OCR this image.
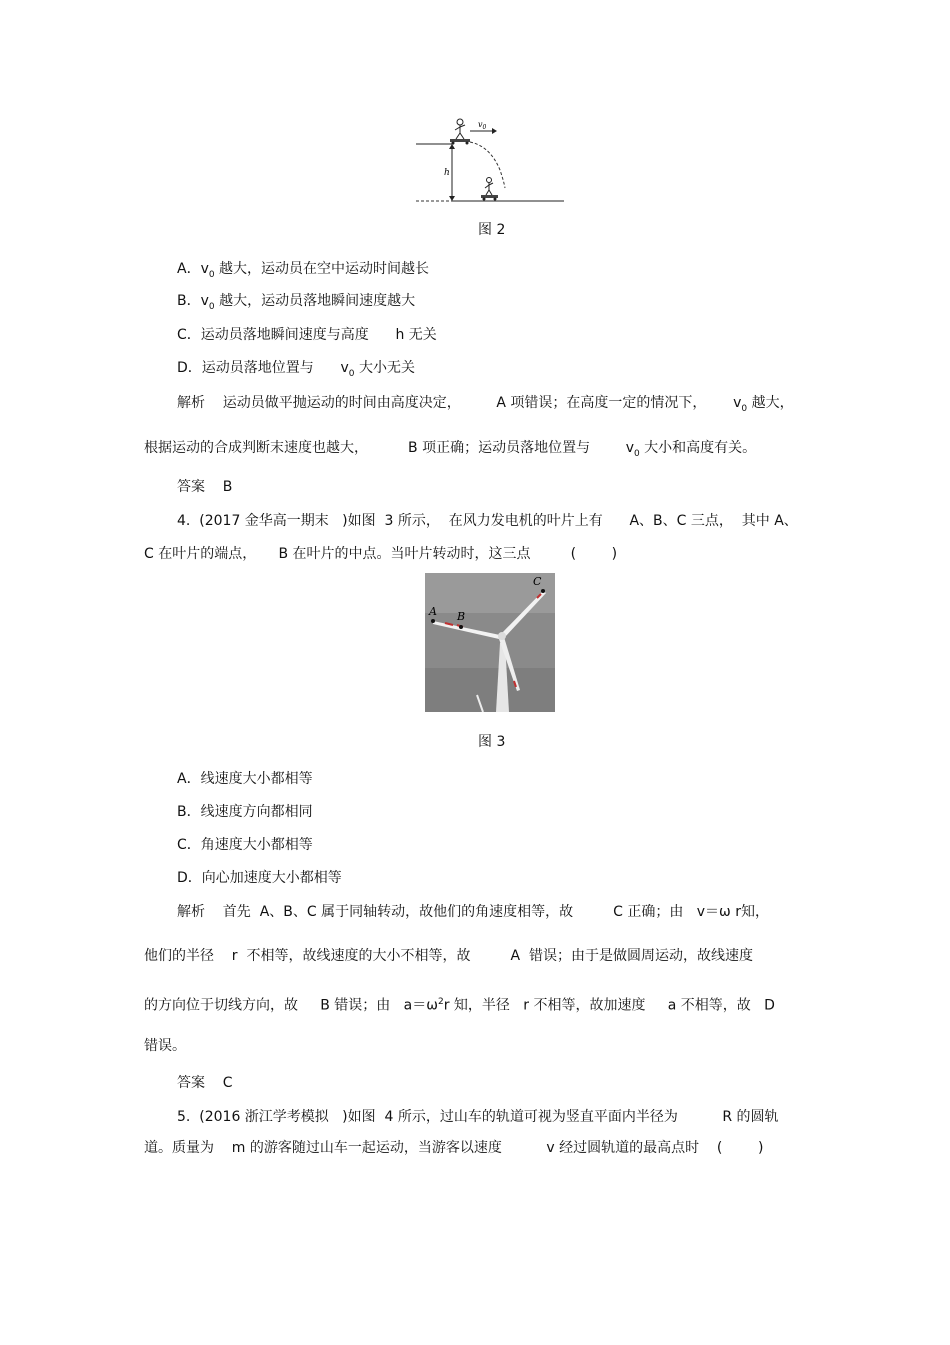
$v_0$
h
图 2
A．$v_0$ 越大，运动员在空中运动时间越长
B．$v_0$ 越大，运动员落地瞬间速度越大
C．运动员落地瞬间速度与高度      h 无关
D．运动员落地位置与      $v_0$ 大小无关
解析    运动员做平抛运动的时间由高度决定，        A 项错误；在高度一定的情况下，      $v_0$ 越大，
根据运动的合成判断末速度也越大，         B 项正确；运动员落地位置与        $v_0$ 大小和高度有关。
答案    B
4.  (2017 金华高一期末   )如图  3 所示，  在风力发电机的叶片上有      A、B、C 三点，  其中 A、
C 在叶片的端点，     B 在叶片的中点。当叶片转动时，这三点         (        )
A B
C
图 3
A．线速度大小都相等
B．线速度方向都相同
C．角速度大小都相等
D．向心加速度大小都相等
解析    首先  A、B、C 属于同轴转动，故他们的角速度相等，故         C 正确；由   v＝ω r知，
他们的半径    r  不相等，故线速度的大小不相等，故         A  错误；由于是做圆周运动，故线速度
的方向位于切线方向，故     B 错误；由   $a=\omega^2r$ 知，半径   r 不相等，故加速度     a 不相等，故   D
错误。
答案    C
5.  (2016 浙江学考模拟   )如图  4 所示，过山车的轨道可视为竖直平面内半径为          R 的圆轨
道。质量为    m 的游客随过山车一起运动，当游客以速度          v 经过圆轨道的最高点时    (        )
